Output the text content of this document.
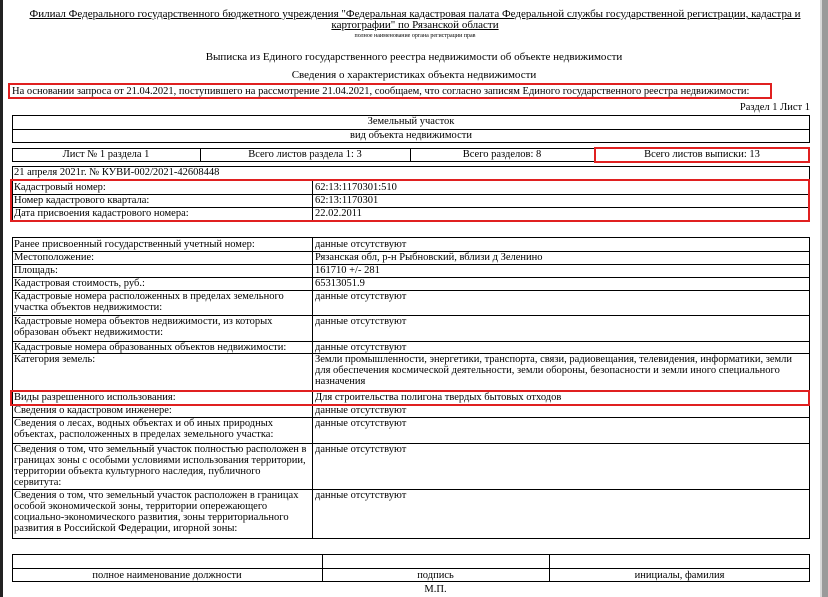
Филиал Федерального государственного бюджетного учреждения "Федеральная кадастровая палата Федеральной службы государственной регистрации, кадастра и
картографии" по Рязанской области
полное наименование органа регистрации прав
Выписка из Единого государственного реестра недвижимости об объекте недвижимости
Сведения о характеристиках объекта недвижимости
На основании запроса от 21.04.2021, поступившего на рассмотрение 21.04.2021, сообщаем, что согласно записям Единого государственного реестра недвижимости:
Раздел 1 Лист 1
Земельный участок
вид объекта недвижимости
Лист № 1 раздела 1	Всего листов раздела 1: 3	Всего разделов: 8	Всего листов выписки: 13
21 апреля 2021г. № КУВИ-002/2021-42608448
Кадастровый номер:	62:13:1170301:510
Номер кадастрового квартала:	62:13:1170301
Дата присвоения кадастрового номера:	22.02.2011
Ранее присвоенный государственный учетный номер:	данные отсутствуют
Местоположение:	Рязанская обл, р-н Рыбновский, вблизи д Зеленино
Площадь:	161710 +/- 281
Кадастровая стоимость, руб.:	65313051.9
Кадастровые номера расположенных в пределах земельного участка объектов недвижимости:
данные отсутствуют
Кадастровые номера объектов недвижимости, из которых образован объект недвижимости:
данные отсутствуют
Кадастровые номера образованных объектов недвижимости:	данные отсутствуют
Категория земель:	Земли промышленности, энергетики, транспорта, связи, радиовещания, телевидения, информатики, земли для обеспечения космической деятельности, земли обороны, безопасности и земли иного специального назначения
Виды разрешенного использования:	Для строительства полигона твердых бытовых отходов
Сведения о кадастровом инженере:	данные отсутствуют
Сведения о лесах, водных объектах и об иных природных объектах, расположенных в пределах земельного участка:
данные отсутствуют
Сведения о том, что земельный участок полностью расположен в границах зоны с особыми условиями использования территории, территории объекта культурного наследия, публичного сервитута:
данные отсутствуют
Сведения о том, что земельный участок расположен в границах особой экономической зоны, территории опережающего социально-экономического развития, зоны территориального развития в Российской Федерации, игорной зоны:
данные отсутствуют
полное наименование должности	подпись	инициалы, фамилия
М.П.
